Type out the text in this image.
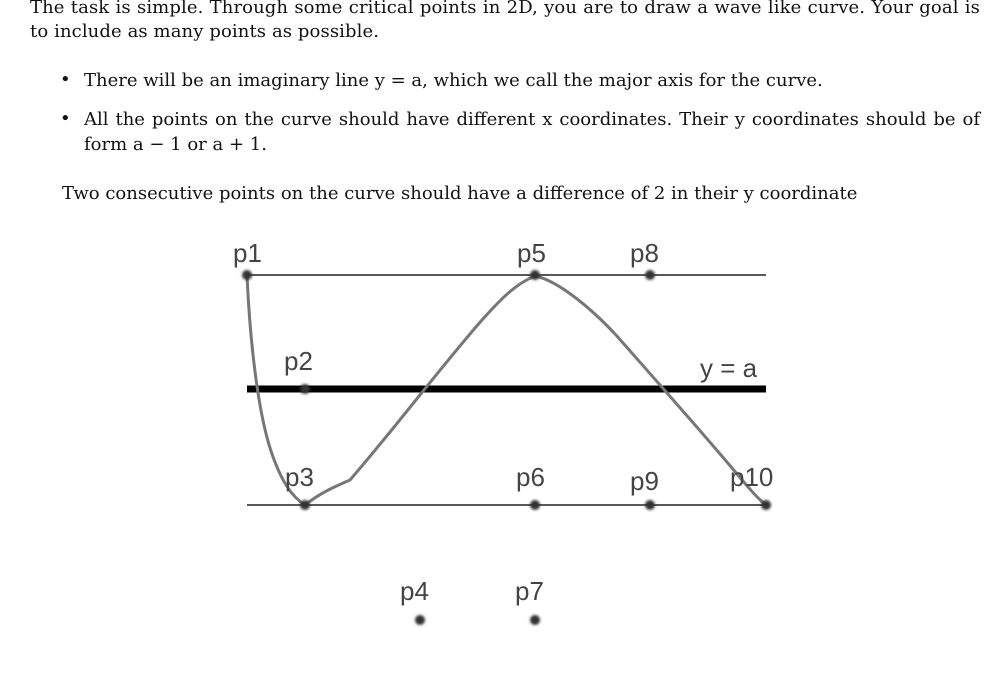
The task is simple. Through some critical points in 2D, you are to draw a wave like curve. Your goal is to include as many points as possible.

• There will be an imaginary line y = a, which we call the major axis for the curve.
• All the points on the curve should have different x coordinates. Their y coordinates should be of form a − 1 or a + 1.

Two consecutive points on the curve should have a difference of 2 in their y coordinate

p1
p2
p3
p4
p5
p6
p7
p8
p9	p10
y = a
